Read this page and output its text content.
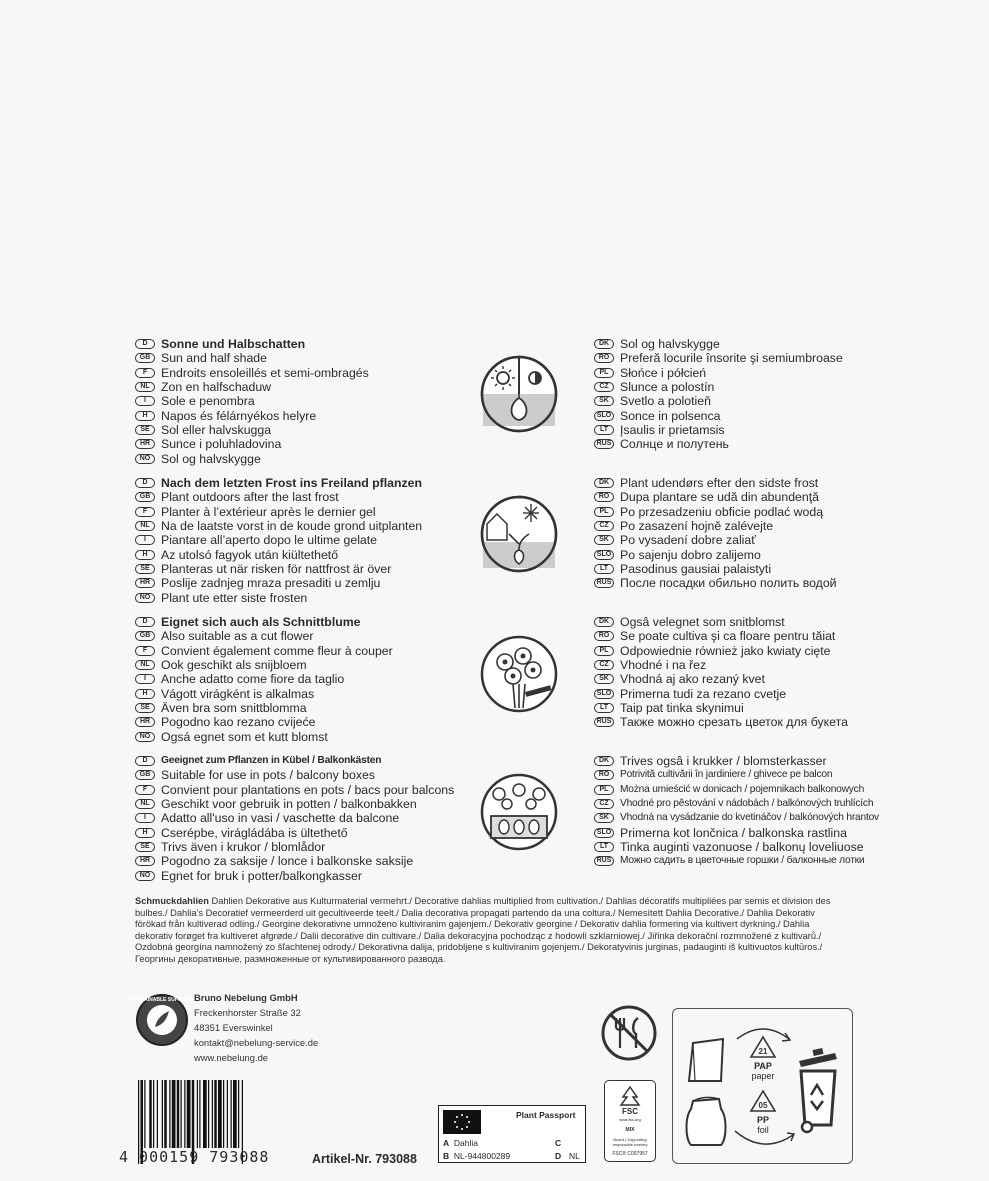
D	Sonne und Halbschatten
GB Sun and half shade
F	Endroits ensoleillés et semi-ombragés
NL Zon en halfschaduw
I	Sole e penombra
H	Napos és félárnyékos helyre
SE Sol eller halvskugga
HR Sunce i poluhladovina
NO Sol og halvskygge
DK Sol og halvskygge
RO Preferă locurile însorite şi semiumbroase
PL Słońce i półcień
CZ Slunce a polostín
SK Svetlo a polotieň
SLO Sonce in polsenca
LT Įsaulis ir prietamsis
RUS Солнце и полутень
D	Nach dem letzten Frost ins Freiland pflanzen
GB Plant outdoors after the last frost
F	Planter à l’extérieur après le dernier gel
NL Na de laatste vorst in de koude grond uitplanten
I	Piantare all’aperto dopo le ultime gelate
H	Az utolsó fagyok után kiültethető
SE Planteras ut när risken för nattfrost är över
HR Poslije zadnjeg mraza presaditi u zemlju
NO Plant ute etter siste frosten
DK Plant udendørs efter den sidste frost
RO Dupa plantare se udă din abundenţă
PL Po przesadzeniu obficie podlać wodą
CZ Po zasazení hojně zalévejte
SK Po vysadení dobre zaliať
SLO Po sajenju dobro zalijemo
LT Pasodinus gausiai palaistyti
RUS После посадки обильно полить водой
D	Eignet sich auch als Schnittblume
GB Also suitable as a cut flower
F	Convient également comme fleur à couper
NL Ook geschikt als snijbloem
I	Anche adatto come fiore da taglio
H	Vágott virágként is alkalmas
SE Även bra som snittblomma
HR Pogodno kao rezano cvijeće
NO Ogsá egnet som et kutt blomst
DK Ogsâ velegnet som snitblomst
RO Se poate cultiva şi ca floare pentru tăiat
PL Odpowiednie również jako kwiaty cięte
CZ Vhodné i na řez
SK Vhodná aj ako rezaný kvet
SLO Primerna tudi za rezano cvetje
LT Taip pat tinka skynimui
RUS Также можно срезать цветок для букета
D	Geeignet zum Pflanzen in Kübel / Balkonkästen
GB Suitable for use in pots / balcony boxes
F	Convient pour plantations en pots / bacs pour balcons
NL Geschikt voor gebruik in potten / balkonbakken
I	Adatto all'uso in vasi / vaschette da balcone
H	Cserépbe, virágládába is ültethető
SE Trivs även i krukor / blomlådor
HR Pogodno za saksije / lonce i balkonske saksije
NO Egnet for bruk i potter/balkongkasser
DK Trives ogsâ i krukker / blomsterkasser
RO	Potrivită cultivării în jardiniere / ghivece pe balcon
PL	Można umieścić w donicach / pojemnikach balkonowych
CZ	Vhodné pro pěstování v nádobách / balkónových truhlících
SK	Vhodná na vysádzanie do kvetináčov / balkónových hrantov
SLO Primerna kot lončnica / balkonska rastlina
LT Tinka auginti vazonuose / balkonų loveliuose
RUS Можно садить в цветочные горшки / балконные лотки
Schmuckdahlien Dahlien Dekorative aus Kulturmaterial vermehrt./ Decorative dahlias multiplied from cultivation./ Dahlias décoratifs multipliées par semis et division des bulbes./ Dahlia’s Decoratief vermeerderd uit gecultiveerde teelt./ Dalia decorativa propagati partendo da una coltura./ Nemesített Dahlia Decorative./ Dahlia Dekorativ förökad från kultiverad odling./ Georgine dekorativne umnoženo kultiviranim gajenjem./ Dekorativ georgine / Dekorativ dahlia formering via kultivert dyrkning./ Dahlia dekorativ forøget fra kultiveret afgrøde./ Dalii decorative din cultivare./ Dalia dekoracyjna pochodząc z hodowli szklarniowej./ Jiřinka dekorační rozmnožené z kultivarů./ Ozdobná georgína namnožený zo šľachtenej odrody./ Dekorativna dalija, pridobljene s kultiviranim gojenjem./ Dekoratyvinis jurginas, padauginti iš kultivuotos kultūros./ Георгины декоративные, размноженные от культивированного развода.
SUSTAINABLE SUPPLIER Bruno Nebelung GmbH
Freckenhorster Straße 32
48351 Everswinkel
kontakt@nebelung-service.de
www.nebelung.de
4 000159 793088	Artikel-Nr. 793088
Plant Passport
A Dahlia	C
B NL-944800289	D NL
FSC
www.fsc.org
MIX
Board | Supporting
responsible forestry
FSC® C007957
21
PAP
paper
05
PP
foil
